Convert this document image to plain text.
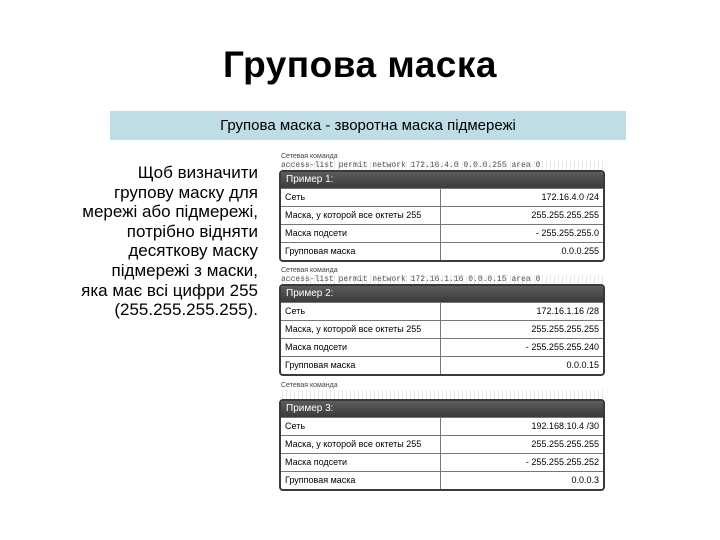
Групова маска
Групова маска - зворотна маска підмережі
Щоб визначити
групову маску для
мережі або підмережі,
потрібно відняти
десяткову маску
підмережі з маски,
яка має всі цифри 255
(255.255.255.255).
Сетевая команда
access-list permit network 172.16.4.0 0.0.0.255 area 0
Пример 1:
Сеть	172.16.4.0 /24
Маска, у которой все октеты 255	255.255.255.255
Маска подсети	- 255.255.255.0
Групповая маска	0.0.0.255
Сетевая команда
access-list permit network 172.16.1.16 0.0.0.15 area 0
Пример 2:
Сеть	172.16.1.16 /28
Маска, у которой все октеты 255	255.255.255.255
Маска подсети	- 255.255.255.240
Групповая маска	0.0.0.15
Сетевая команда
Пример 3:
Сеть	192.168.10.4 /30
Маска, у которой все октеты 255	255.255.255.255
Маска подсети	- 255.255.255.252
Групповая маска	0.0.0.3
